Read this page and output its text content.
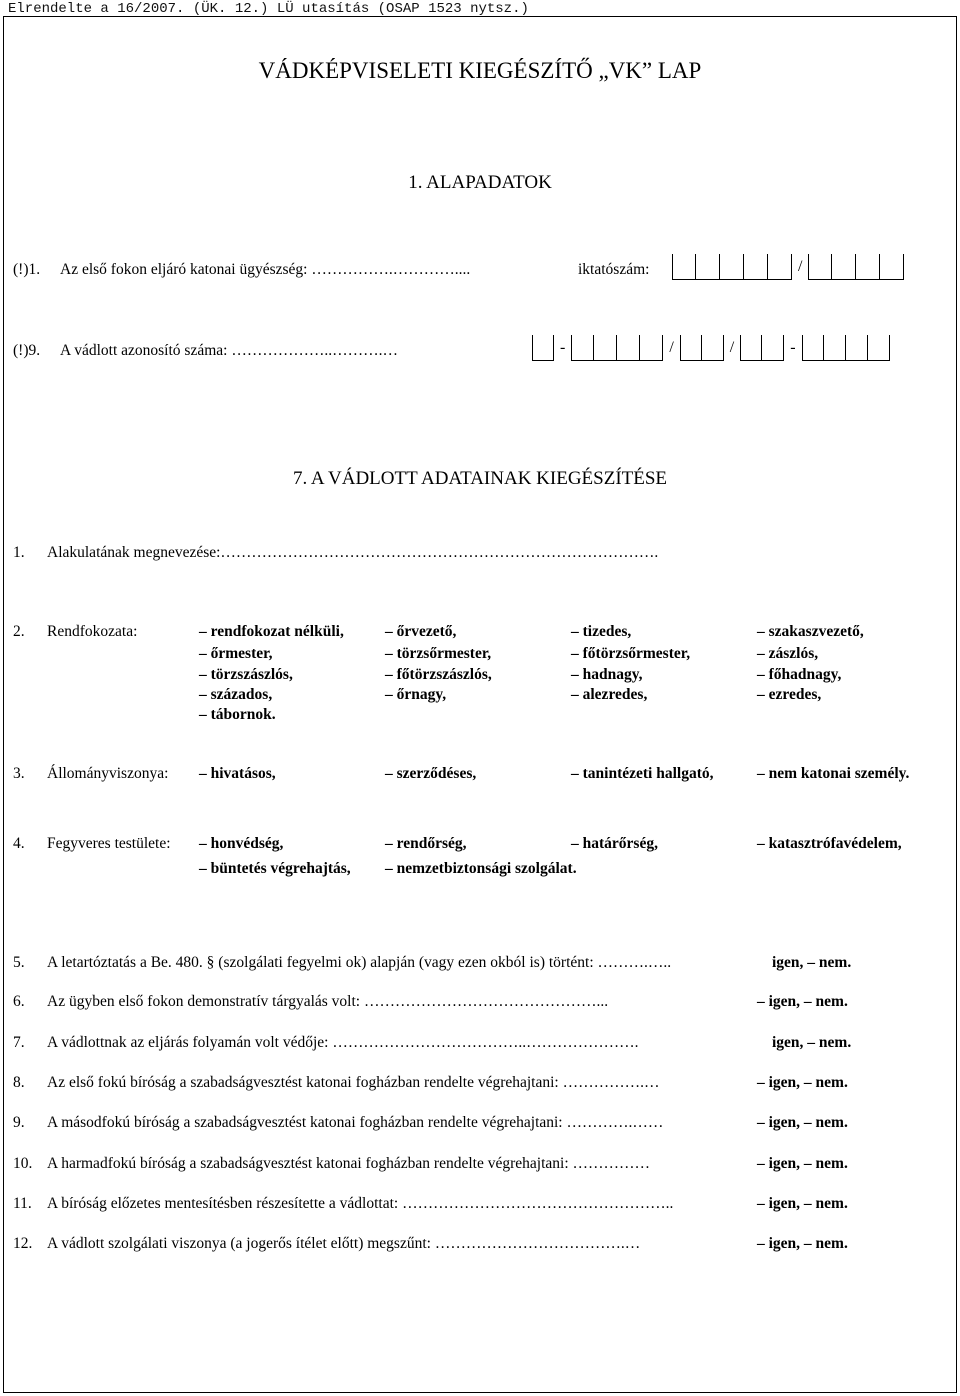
Elrendelte a 16/2007. (ÜK. 12.) LÜ utasítás (OSAP 1523 nytsz.)
VÁDKÉPVISELETI KIEGÉSZÍTŐ „VK” LAP
1. ALAPADATOK
(!)1. Az első fokon eljáró katonai ügyészség: …………….…………....	iktatószám:	/
(!)9. A vádlott azonosító száma: ………………..……….…	-	/	/	-
7. A VÁDLOTT ADATAINAK KIEGÉSZÍTÉSE
1. Alakulatának megnevezése:………………………………………………………………………….
2. Rendfokozata:	– rendfokozat nélküli,	– őrvezető,	– tizedes,	– szakaszvezető,
– őrmester,	– törzsőrmester,	– főtörzsőrmester,	– zászlós,
– törzszászlós,	– főtörzszászlós,	– hadnagy,	– főhadnagy,
– százados,	– őrnagy,	– alezredes,	– ezredes,
– tábornok.
3. Állományviszonya: – hivatásos,	– szerződéses,	– tanintézeti hallgató,	– nem katonai személy.
4. Fegyveres testülete: – honvédség,	– rendőrség,	– határőrség,	– katasztrófavédelem,
– büntetés végrehajtás, – nemzetbiztonsági szolgálat.
5. A letartóztatás a Be. 480. § (szolgálati fegyelmi ok) alapján (vagy ezen okból is) történt: ……….…..	igen, – nem.
6. Az ügyben első fokon demonstratív tárgyalás volt: ………………………………………...	– igen, – nem.
7. A vádlottnak az eljárás folyamán volt védője: ………………………………..………………….	igen, – nem.
8. Az első fokú bíróság a szabadságvesztést katonai fogházban rendelte végrehajtani: …………….…	– igen, – nem.
9. A másodfokú bíróság a szabadságvesztést katonai fogházban rendelte végrehajtani: ………….……	– igen, – nem.
10. A harmadfokú bíróság a szabadságvesztést katonai fogházban rendelte végrehajtani: ……………	– igen, – nem.
11. A bíróság előzetes mentesítésben részesítette a vádlottat: ……………………………………………..	– igen, – nem.
12. A vádlott szolgálati viszonya (a jogerős ítélet előtt) megszűnt: ……………………………….…	– igen, – nem.
